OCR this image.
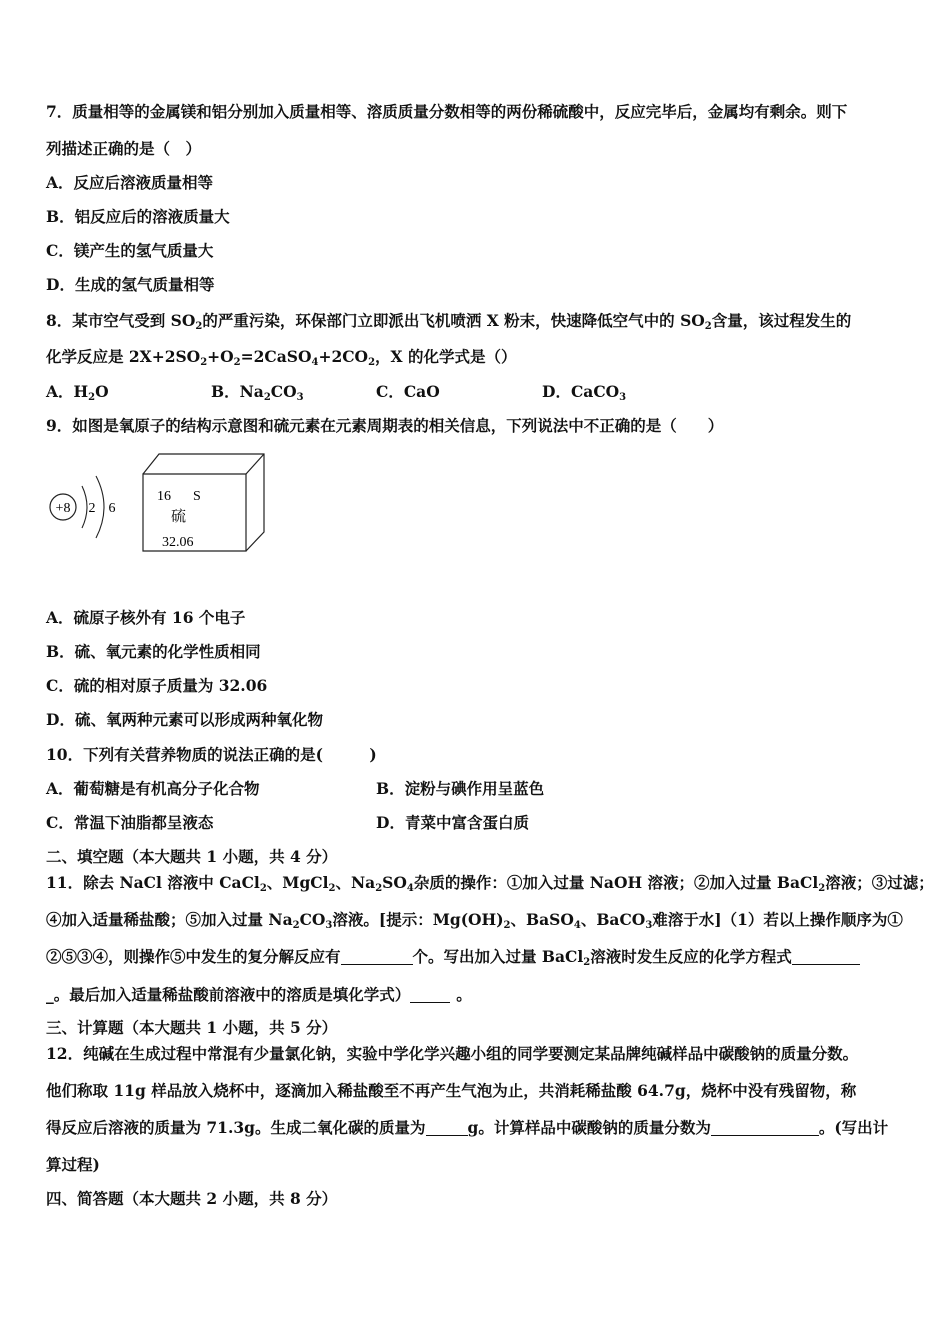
7．质量相等的金属镁和铝分别加入质量相等、溶质质量分数相等的两份稀硫酸中，反应完毕后，金属均有剩余。则下
列描述正确的是（　）
A．反应后溶液质量相等
B．铝反应后的溶液质量大
C．镁产生的氢气质量大
D．生成的氢气质量相等
8．某市空气受到 $SO_2$的严重污染，环保部门立即派出飞机喷洒 X 粉末，快速降低空气中的 $SO_2$含量，该过程发生的
化学反应是 $2X+2SO_2+O_2=2CaSO_4+2CO_2$，X 的化学式是（）
A．$H_2O$	B．$Na_2CO_3$	C．CaO	D．CaCO$_3$
9．如图是氧原子的结构示意图和硫元素在元素周期表的相关信息，下列说法中不正确的是（　　）
+8 2 6
16 S
硫
32.06
A．硫原子核外有 16 个电子
B．硫、氧元素的化学性质相同
C．硫的相对原子质量为 32.06
D．硫、氧两种元素可以形成两种氧化物
10．下列有关营养物质的说法正确的是(　　　)
A．葡萄糖是有机高分子化合物	B．淀粉与碘作用呈蓝色
C．常温下油脂都呈液态	D．青菜中富含蛋白质
二、填空题（本大题共 1 小题，共 4 分）
11．除去 NaCl 溶液中 CaCl$_2$、MgCl$_2$、$Na_2SO_4$杂质的操作：①加入过量 NaOH 溶液；②加入过量 BaCl$_2$溶液；③过滤；
④加入适量稀盐酸；⑤加入过量 $Na_2CO_3$溶液。[提示：$Mg(OH)_2$、BaSO$_4$、BaCO$_3$难溶于水]（1）若以上操作顺序为①
②⑤③④，则操作⑤中发生的复分解反应有	个。写出加入过量 BaCl$_2$溶液时发生反应的化学方程式
_。最后加入适量稀盐酸前溶液中的溶质是填化学式）	。
三、计算题（本大题共 1 小题，共 5 分）
12．纯碱在生成过程中常混有少量氯化钠，实验中学化学兴趣小组的同学要测定某品牌纯碱样品中碳酸钠的质量分数。
他们称取 11g 样品放入烧杯中，逐滴加入稀盐酸至不再产生气泡为止，共消耗稀盐酸 64.7g，烧杯中没有残留物，称
得反应后溶液的质量为 71.3g。生成二氧化碳的质量为	g。计算样品中碳酸钠的质量分数为	。(写出计
算过程)
四、简答题（本大题共 2 小题，共 8 分）
